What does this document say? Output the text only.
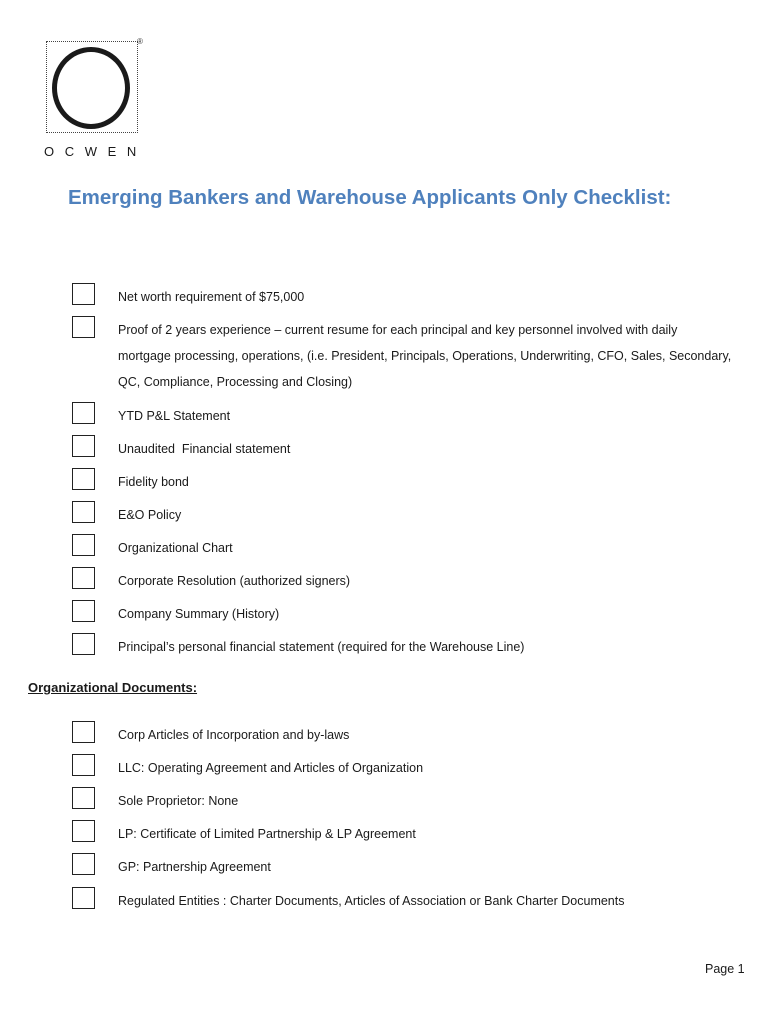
®
OCWEN
Emerging Bankers and Warehouse Applicants Only Checklist:
Net worth requirement of $75,000
Proof of 2 years experience – current resume for each principal and key personnel involved with daily
mortgage processing, operations, (i.e. President, Principals, Operations, Underwriting, CFO, Sales, Secondary,
QC, Compliance, Processing and Closing)
YTD P&L Statement
Unaudited  Financial statement
Fidelity bond
E&O Policy
Organizational Chart
Corporate Resolution (authorized signers)
Company Summary (History)
Principal’s personal financial statement (required for the Warehouse Line)
Organizational Documents:
Corp Articles of Incorporation and by-laws
LLC: Operating Agreement and Articles of Organization
Sole Proprietor: None
LP: Certificate of Limited Partnership & LP Agreement
GP: Partnership Agreement
Regulated Entities : Charter Documents, Articles of Association or Bank Charter Documents
Page 1
